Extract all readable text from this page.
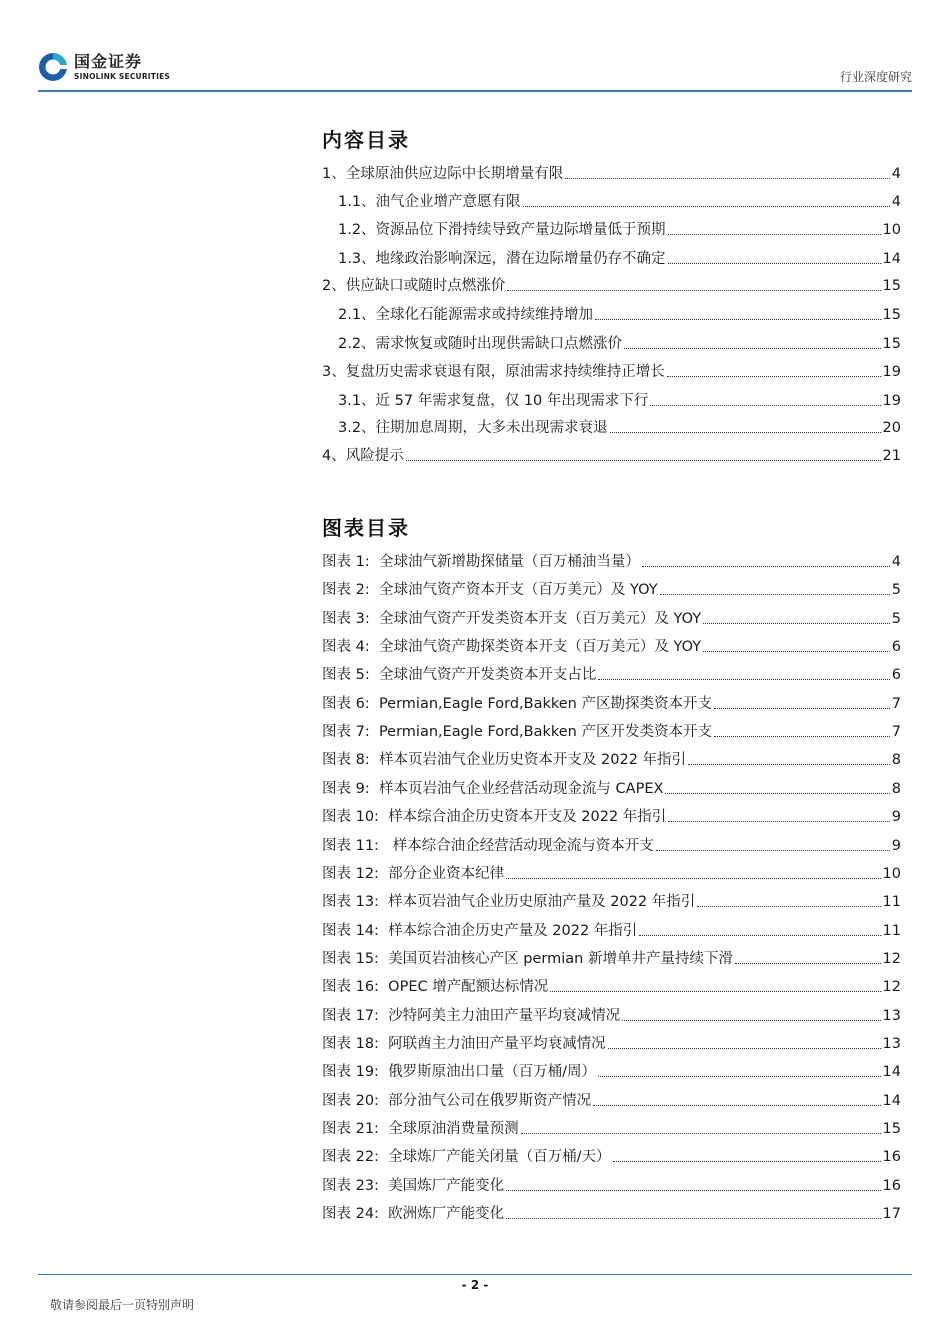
国金证券
SINOLINK SECURITIES	行业深度研究
内容目录
1、全球原油供应边际中长期增量有限	4
1.1、油气企业增产意愿有限	4
1.2、资源品位下滑持续导致产量边际增量低于预期	10
1.3、地缘政治影响深远，潜在边际增量仍存不确定	14
2、供应缺口或随时点燃涨价	15
2.1、全球化石能源需求或持续维持增加	15
2.2、需求恢复或随时出现供需缺口点燃涨价	15
3、复盘历史需求衰退有限，原油需求持续维持正增长	19
3.1、近 57 年需求复盘，仅 10 年出现需求下行	19
3.2、往期加息周期，大多未出现需求衰退	20
4、风险提示	21
图表目录
图表 1:  全球油气新增勘探储量（百万桶油当量）	4
图表 2:  全球油气资产资本开支（百万美元）及 YOY	5
图表 3:  全球油气资产开发类资本开支（百万美元）及 YOY	5
图表 4:  全球油气资产勘探类资本开支（百万美元）及 YOY	6
图表 5:  全球油气资产开发类资本开支占比	6
图表 6:  Permian,Eagle Ford,Bakken 产区勘探类资本开支	7
图表 7:  Permian,Eagle Ford,Bakken 产区开发类资本开支	7
图表 8:  样本页岩油气企业历史资本开支及 2022 年指引	8
图表 9:  样本页岩油气企业经营活动现金流与 CAPEX	8
图表 10:  样本综合油企历史资本开支及 2022 年指引	9
图表 11:   样本综合油企经营活动现金流与资本开支	9
图表 12:  部分企业资本纪律	10
图表 13:  样本页岩油气企业历史原油产量及 2022 年指引	11
图表 14:  样本综合油企历史产量及 2022 年指引	11
图表 15:  美国页岩油核心产区 permian 新增单井产量持续下滑	12
图表 16:  OPEC 增产配额达标情况	12
图表 17:  沙特阿美主力油田产量平均衰减情况	13
图表 18:  阿联酋主力油田产量平均衰减情况	13
图表 19:  俄罗斯原油出口量（百万桶/周）	14
图表 20:  部分油气公司在俄罗斯资产情况	14
图表 21:  全球原油消费量预测	15
图表 22:  全球炼厂产能关闭量（百万桶/天）	16
图表 23:  美国炼厂产能变化	16
图表 24:  欧洲炼厂产能变化	17
- 2 -
敬请参阅最后一页特别声明
